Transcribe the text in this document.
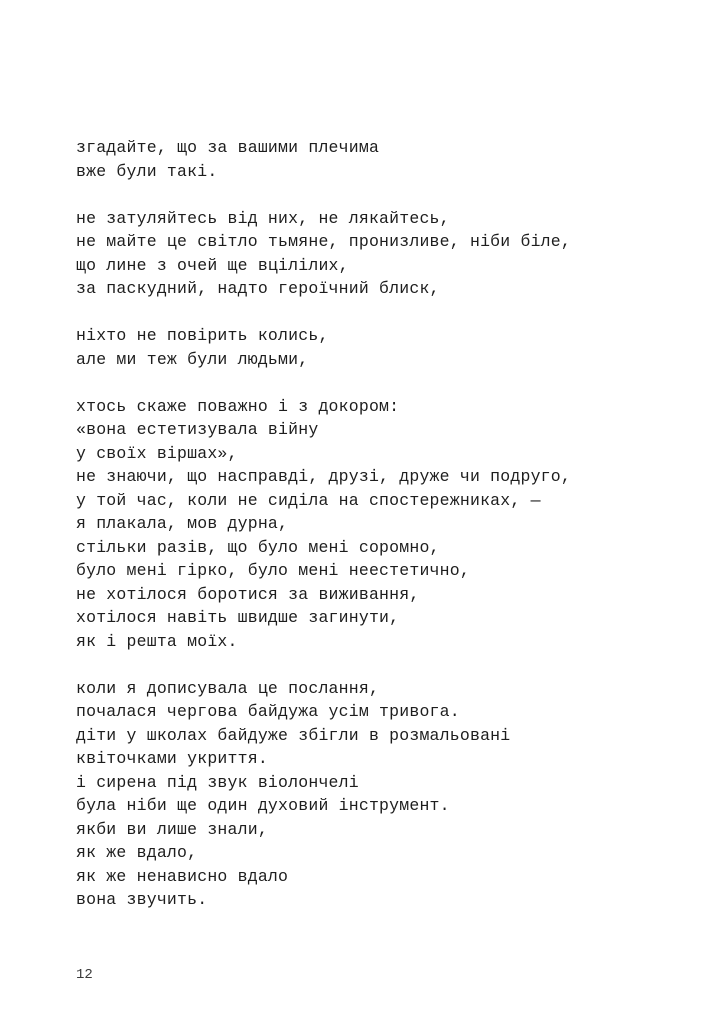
згадайте, що за вашими плечима
вже були такі.
не затуляйтесь від них, не лякайтесь,
не майте це світло тьмяне, пронизливе, ніби біле,
що лине з очей ще вцілілих,
за паскудний, надто героїчний блиск,
ніхто не повірить колись,
але ми теж були людьми,
хтось скаже поважно і з докором:
«вона естетизувала війну
у своїх віршах»,
не знаючи, що насправді, друзі, друже чи подруго,
у той час, коли не сиділа на спостережниках, —
я плакала, мов дурна,
стільки разів, що було мені соромно,
було мені гірко, було мені неестетично,
не хотілося боротися за виживання,
хотілося навіть швидше загинути,
як і решта моїх.
коли я дописувала це послання,
почалася чергова байдужа усім тривога.
діти у школах байдуже збігли в розмальовані
квіточками укриття.
і сирена під звук віолончелі
була ніби ще один духовий інструмент.
якби ви лише знали,
як же вдало,
як же ненависно вдало
вона звучить.
12
